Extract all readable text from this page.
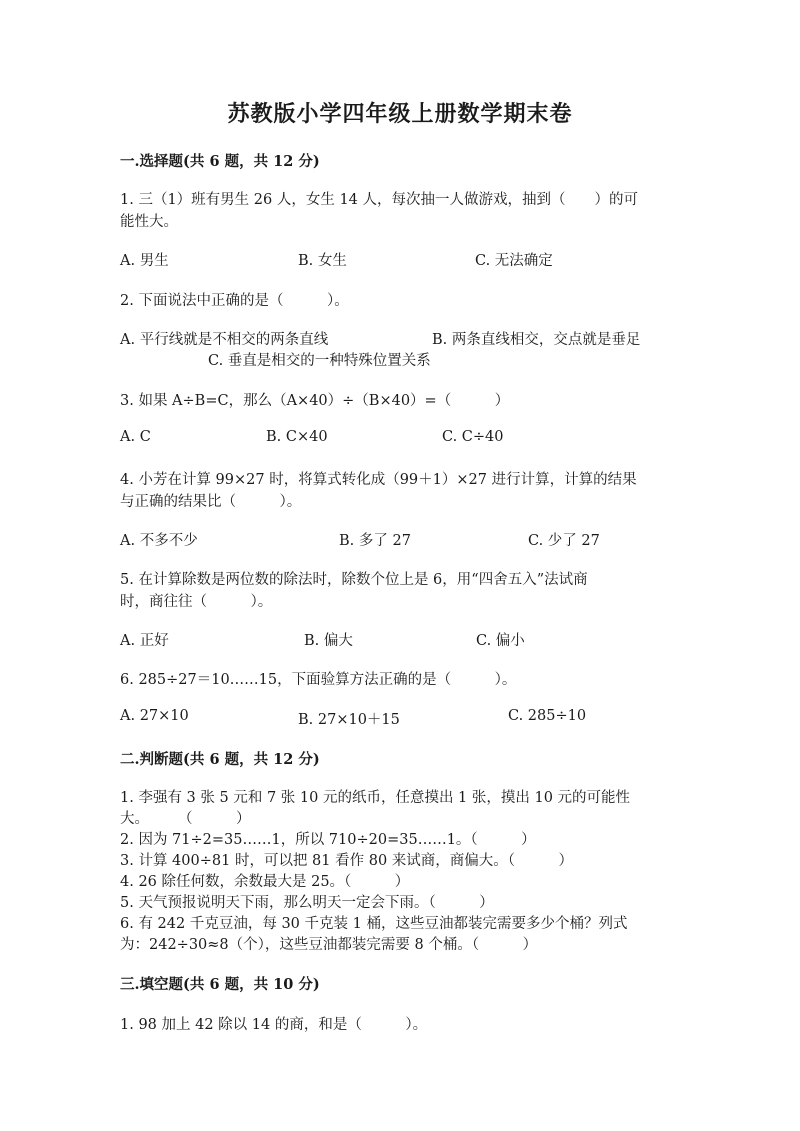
苏教版小学四年级上册数学期末卷
一.选择题(共 6 题，共 12 分)
1. 三（1）班有男生 26 人，女生 14 人，每次抽一人做游戏，抽到（　　）的可
能性大。
A. 男生	B. 女生	C. 无法确定
2. 下面说法中正确的是（　　　）。
A. 平行线就是不相交的两条直线	B. 两条直线相交，交点就是垂足
C. 垂直是相交的一种特殊位置关系
3. 如果 A÷B=C，那么（A×40）÷（B×40）=（　　　）
A. C	B. C×40	C. C÷40
4. 小芳在计算 99×27 时，将算式转化成（99＋1）×27 进行计算，计算的结果
与正确的结果比（　　　）。
A. 不多不少	B. 多了 27	C. 少了 27
5. 在计算除数是两位数的除法时，除数个位上是 6，用“四舍五入”法试商
时，商往往（　　　）。
A. 正好	B. 偏大	C. 偏小
6. 285÷27＝10……15，下面验算方法正确的是（　　　）。
A. 27×10	B. 27×10＋15	C. 285÷10
二.判断题(共 6 题，共 12 分)
1. 李强有 3 张 5 元和 7 张 10 元的纸币，任意摸出 1 张，摸出 10 元的可能性
大。　　　（　　　）
2. 因为 71÷2=35……1，所以 710÷20=35……1。（　　　）
3. 计算 400÷81 时，可以把 81 看作 80 来试商，商偏大。（　　　）
4. 26 除任何数，余数最大是 25。（　　　）
5. 天气预报说明天下雨，那么明天一定会下雨。（　　　）
6. 有 242 千克豆油，每 30 千克装 1 桶，这些豆油都装完需要多少个桶？列式
为：242÷30≈8（个），这些豆油都装完需要 8 个桶。（　　　）
三.填空题(共 6 题，共 10 分)
1. 98 加上 42 除以 14 的商，和是（　　　）。
